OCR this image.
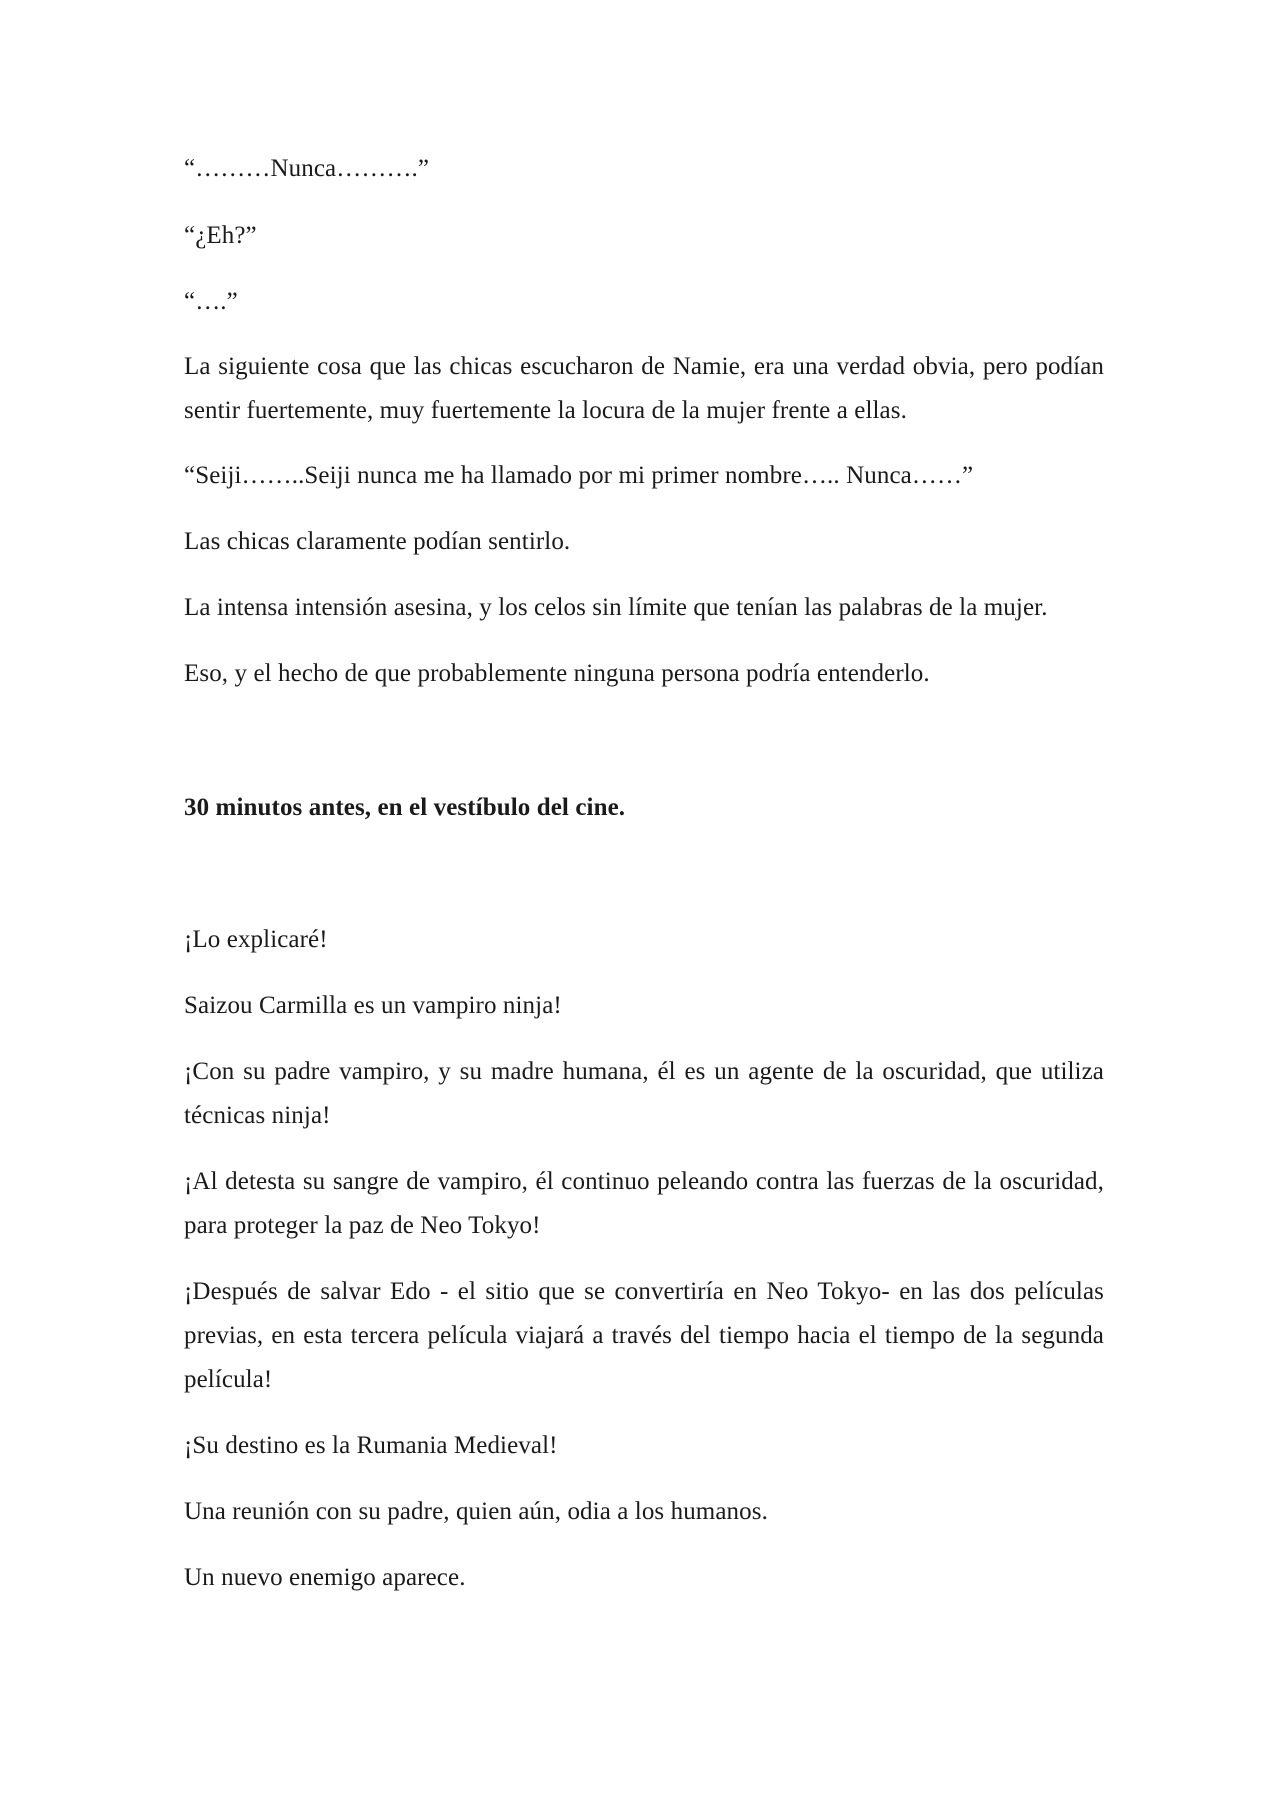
“………Nunca……….”

“¿Eh?”

“….”

La siguiente cosa que las chicas escucharon de Namie, era una verdad obvia, pero podían sentir fuertemente, muy fuertemente la locura de la mujer frente a ellas.

“Seiji……..Seiji nunca me ha llamado por mi primer nombre….. Nunca……”

Las chicas claramente podían sentirlo.

La intensa intensión asesina, y los celos sin límite que tenían las palabras de la mujer.

Eso, y el hecho de que probablemente ninguna persona podría entenderlo.

30 minutos antes, en el vestíbulo del cine.

¡Lo explicaré!

Saizou Carmilla es un vampiro ninja!

¡Con su padre vampiro, y su madre humana, él es un agente de la oscuridad, que utiliza técnicas ninja!

¡Al detesta su sangre de vampiro, él continuo peleando contra las fuerzas de la oscuridad, para proteger la paz de Neo Tokyo!

¡Después de salvar Edo - el sitio que se convertiría en Neo Tokyo- en las dos películas previas, en esta tercera película viajará a través del tiempo hacia el tiempo de la segunda película!

¡Su destino es la Rumania Medieval!

Una reunión con su padre, quien aún, odia a los humanos.

Un nuevo enemigo aparece.
